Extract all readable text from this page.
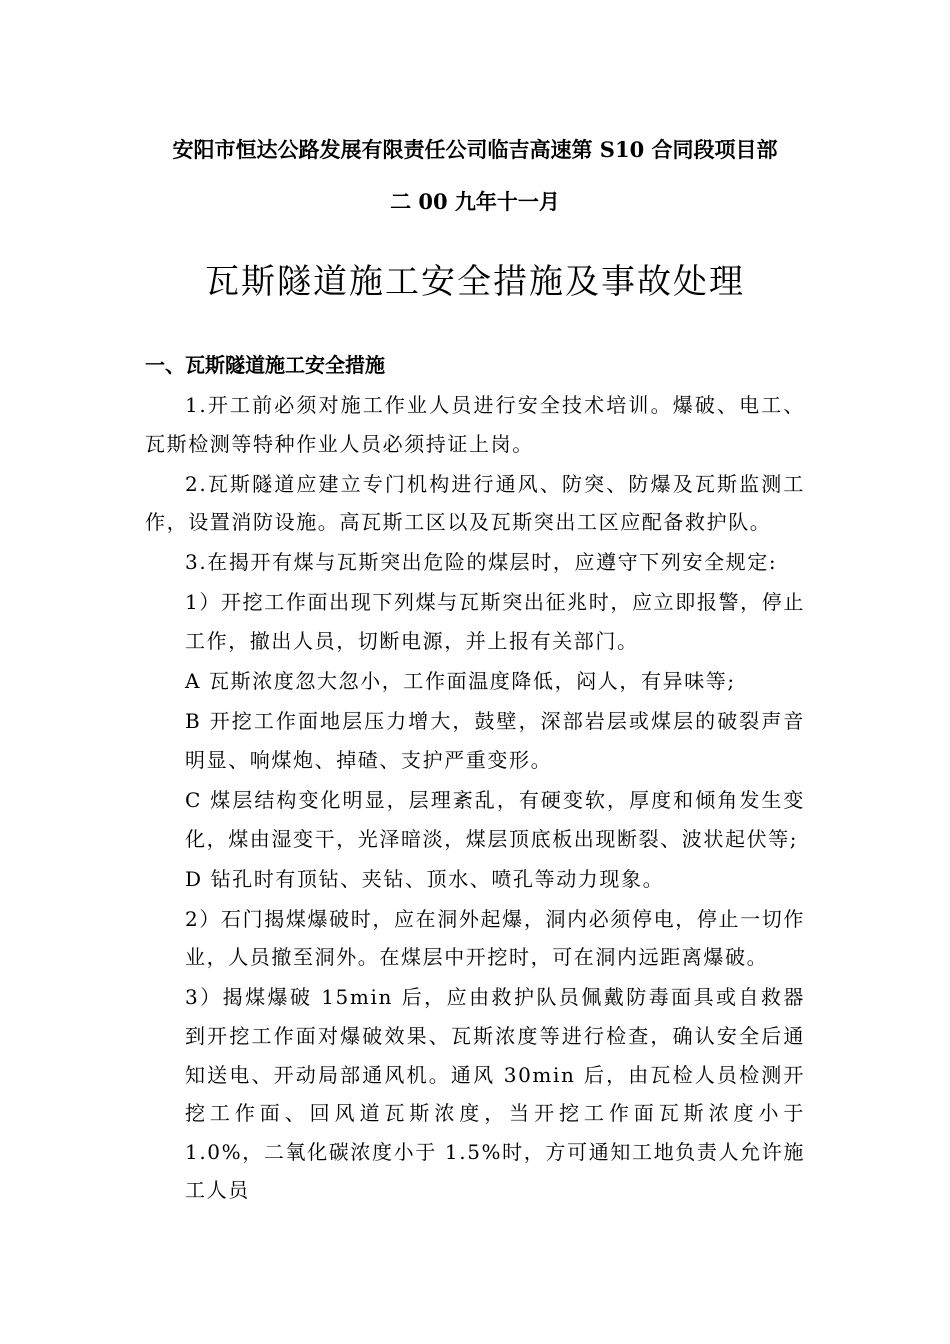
安阳市恒达公路发展有限责任公司临吉高速第 S10 合同段项目部
二 00 九年十一月
瓦斯隧道施工安全措施及事故处理
一、瓦斯隧道施工安全措施

1.开工前必须对施工作业人员进行安全技术培训。爆破、电工、瓦斯检测等特种作业人员必须持证上岗。

2.瓦斯隧道应建立专门机构进行通风、防突、防爆及瓦斯监测工作，设置消防设施。高瓦斯工区以及瓦斯突出工区应配备救护队。

3.在揭开有煤与瓦斯突出危险的煤层时，应遵守下列安全规定:

1）开挖工作面出现下列煤与瓦斯突出征兆时，应立即报警，停止工作，撤出人员，切断电源，并上报有关部门。

A 瓦斯浓度忽大忽小，工作面温度降低，闷人，有异味等;

B 开挖工作面地层压力增大，鼓壁，深部岩层或煤层的破裂声音明显、响煤炮、掉碴、支护严重变形。

C 煤层结构变化明显，层理紊乱，有硬变软，厚度和倾角发生变化，煤由湿变干，光泽暗淡，煤层顶底板出现断裂、波状起伏等;

D 钻孔时有顶钻、夹钻、顶水、喷孔等动力现象。

2）石门揭煤爆破时，应在洞外起爆，洞内必须停电，停止一切作业，人员撤至洞外。在煤层中开挖时，可在洞内远距离爆破。

3）揭煤爆破 15min 后，应由救护队员佩戴防毒面具或自救器到开挖工作面对爆破效果、瓦斯浓度等进行检查，确认安全后通知送电、开动局部通风机。通风 30min 后，由瓦检人员检测开挖工作面、回风道瓦斯浓度，当开挖工作面瓦斯浓度小于 1.0%，二氧化碳浓度小于 1.5%时，方可通知工地负责人允许施工人员
